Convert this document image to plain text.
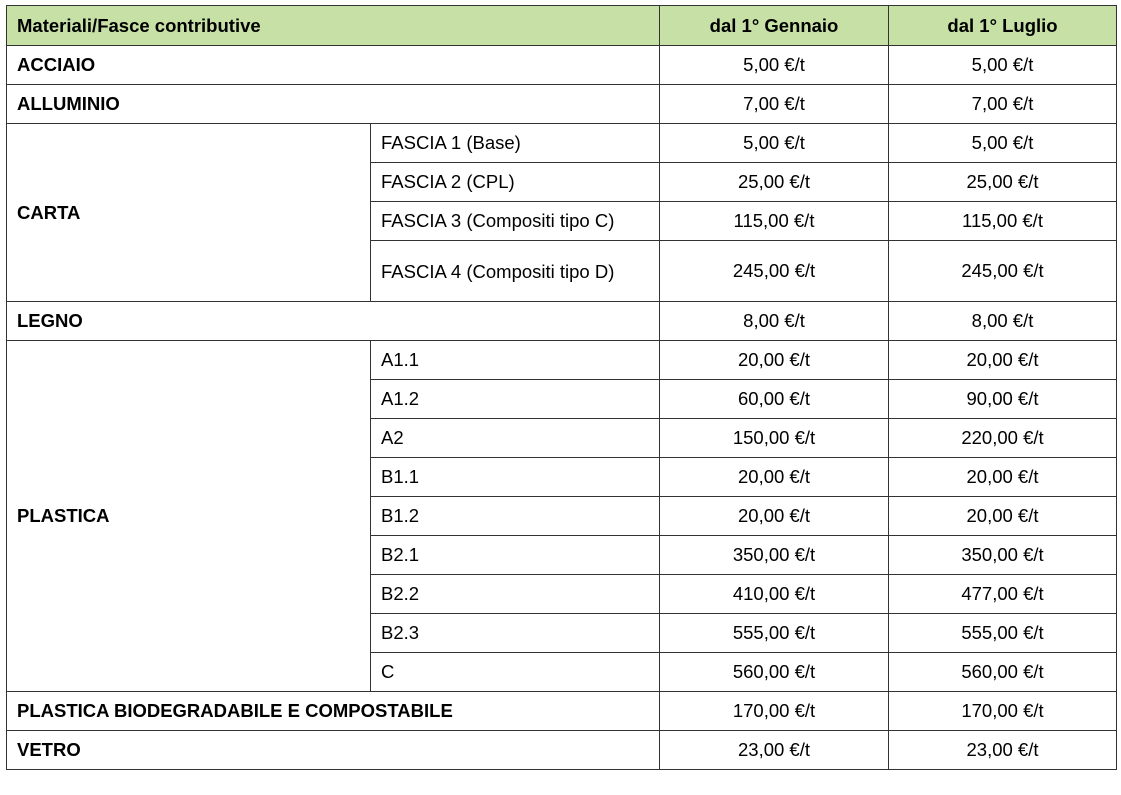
Materiali/Fasce contributive		dal 1° Gennaio	dal 1° Luglio
ACCIAIO		5,00 €/t	5,00 €/t
ALLUMINIO		7,00 €/t	7,00 €/t
CARTA	FASCIA 1 (Base)	5,00 €/t	5,00 €/t
	FASCIA 2 (CPL)	25,00 €/t	25,00 €/t
	FASCIA 3 (Compositi tipo C)	115,00 €/t	115,00 €/t
	FASCIA 4 (Compositi tipo D)	245,00 €/t	245,00 €/t
LEGNO		8,00 €/t	8,00 €/t
PLASTICA	A1.1	20,00 €/t	20,00 €/t
	A1.2	60,00 €/t	90,00 €/t
	A2	150,00 €/t	220,00 €/t
	B1.1	20,00 €/t	20,00 €/t
	B1.2	20,00 €/t	20,00 €/t
	B2.1	350,00 €/t	350,00 €/t
	B2.2	410,00 €/t	477,00 €/t
	B2.3	555,00 €/t	555,00 €/t
	C	560,00 €/t	560,00 €/t
PLASTICA BIODEGRADABILE E COMPOSTABILE		170,00 €/t	170,00 €/t
VETRO		23,00 €/t	23,00 €/t
